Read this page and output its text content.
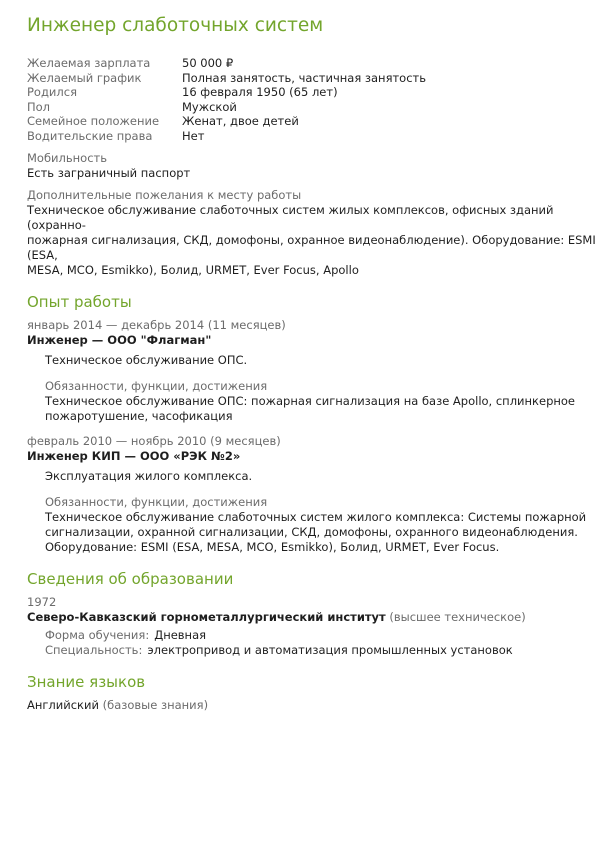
Инженер слаботочных систем
Желаемая зарплата	50 000 ₽
Желаемый график	Полная занятость, частичная занятость
Родился	16 февраля 1950 (65 лет)
Пол	Мужской
Семейное положение	Женат, двое детей
Водительские права	Нет
Мобильность
Есть заграничный паспорт
Дополнительные пожелания к месту работы
Техническое обслуживание слаботочных систем жилых комплексов, офисных зданий (охранно-
пожарная сигнализация, СКД, домофоны, охранное видеонаблюдение). Оборудование: ESMI (ESA,
MESA, MCO, Esmikko), Болид, URMET, Ever Focus, Apollo
Опыт работы
январь 2014 — декабрь 2014 (11 месяцев)
Инженер — ООО "Флагман"
Техническое обслуживание ОПС.
Обязанности, функции, достижения
Техническое обслуживание ОПС: пожарная сигнализация на базе Apollo, сплинкерное
пожаротушение, часофикация
февраль 2010 — ноябрь 2010 (9 месяцев)
Инженер КИП — ООО «РЭК №2»
Эксплуатация жилого комплекса.
Обязанности, функции, достижения
Техническое обслуживание слаботочных систем жилого комплекса: Системы пожарной
сигнализации, охранной сигнализации, СКД, домофоны, охранного видеонаблюдения.
Оборудование: ESMI (ESA, MESA, MCO, Esmikko), Болид, URMET, Ever Focus.
Сведения об образовании
1972
Северо-Кавказский горнометаллургический институт (высшее техническое)
Форма обучения: Дневная
Специальность: электропривод и автоматизация промышленных установок
Знание языков
Английский (базовые знания)
